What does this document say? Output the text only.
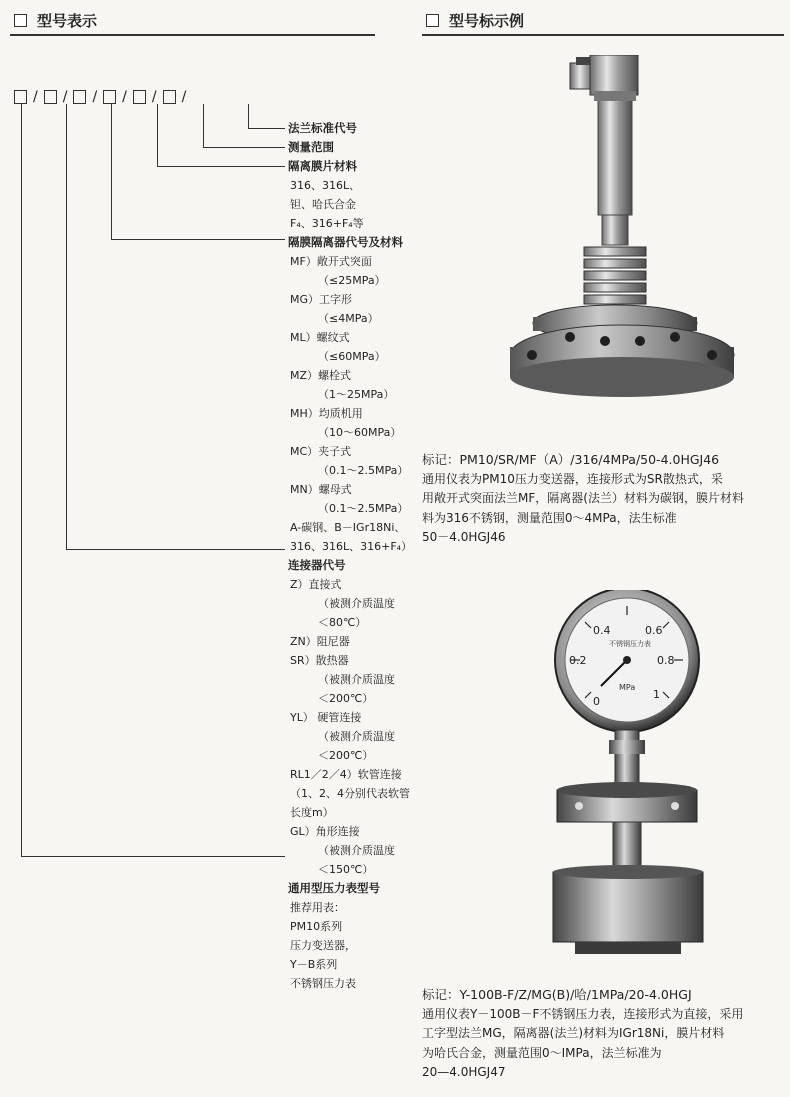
型号表示	型号标示例
/ / / / / /
法兰标准代号
测量范围
隔离膜片材料
316、316L、
钽、哈氏合金
F₄、316+F₄等
隔膜隔离器代号及材料
MF）敞开式突面
（≤25MPa）
MG）工字形
（≤4MPa）
ML）螺纹式
（≤60MPa）
MZ）螺栓式
（1～25MPa）
MH）均质机用
（10～60MPa）
MC）夹子式
（0.1～2.5MPa）
MN）螺母式
（0.1～2.5MPa）
A-碳钢、B－IGr18Ni、
316、316L、316+F₄）
连接器代号
Z）直接式
（被测介质温度
＜80℃）
ZN）阻尼器
SR）散热器
（被测介质温度
＜200℃）
YL） 硬管连接
（被测介质温度
＜200℃）
RL1／2／4）软管连接
（1、2、4分别代表软管
长度m）
GL）角形连接
（被测介质温度
＜150℃）
通用型压力表型号
推荐用表：
PM10系列
压力变送器，
Y－B系列
不锈钢压力表
标记：PM10/SR/MF（A）/316/4MPa/50-4.0HGJ46
通用仪表为PM10压力变送器，连接形式为SR散热式，采
用敞开式突面法兰MF，隔离器(法兰）材料为碳钢，膜片材料
料为316不锈钢，测量范围0～4MPa，法生标准
50－4.0HGJ46
0
0.2
0.4	0.6
0.8
1
不锈钢压力表
MPa
标记：Y-100B-F/Z/MG(B)/哈/1MPa/20-4.0HGJ
通用仪表Y－100B－F不锈钢压力表，连接形式为直接，采用
工字型法兰MG，隔离器(法兰)材料为IGr18Ni，膜片材料
为哈氏合金，测量范围0～IMPa，法兰标准为
20—4.0HGJ47
